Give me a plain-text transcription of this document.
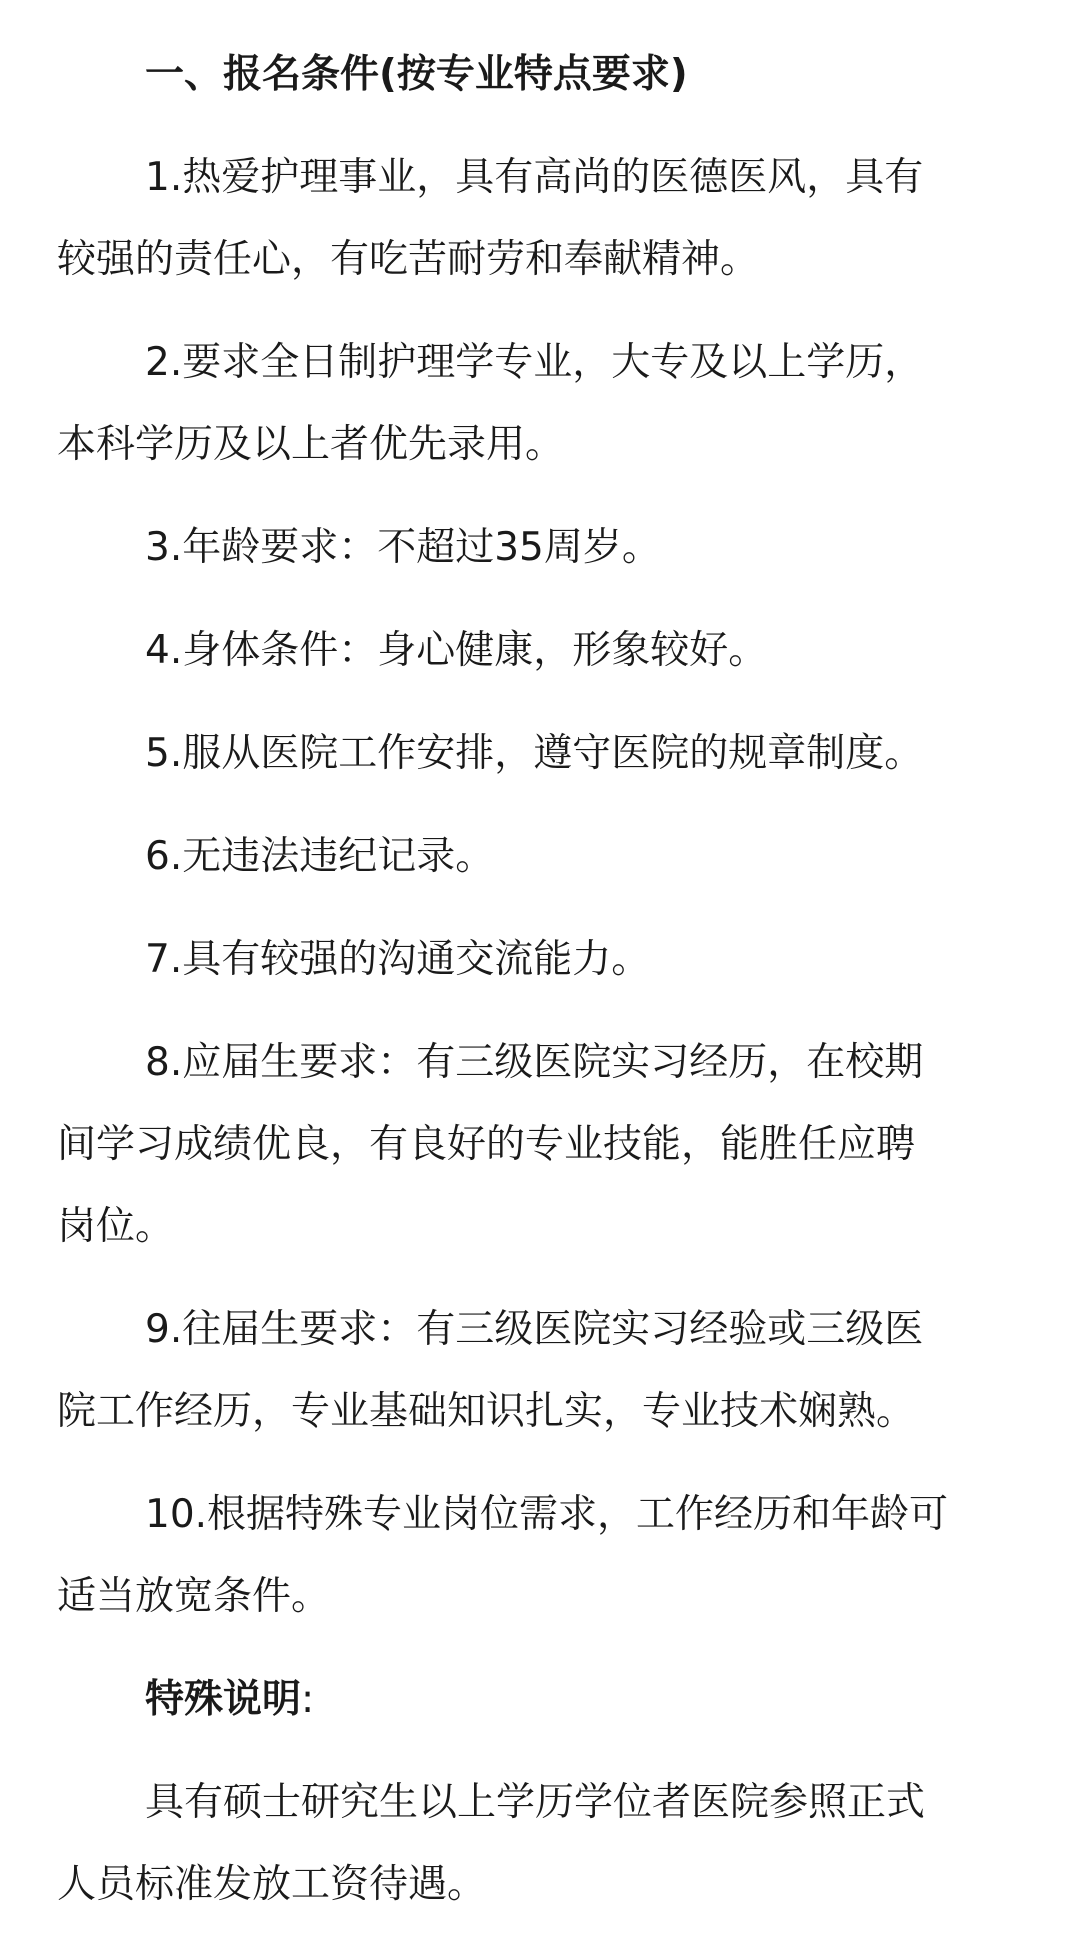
一、报名条件(按专业特点要求)
1.热爱护理事业，具有高尚的医德医风，具有
较强的责任心，有吃苦耐劳和奉献精神。
2.要求全日制护理学专业，大专及以上学历，
本科学历及以上者优先录用。
3.年龄要求：不超过35周岁。
4.身体条件：身心健康，形象较好。
5.服从医院工作安排，遵守医院的规章制度。
6.无违法违纪记录。
7.具有较强的沟通交流能力。
8.应届生要求：有三级医院实习经历，在校期
间学习成绩优良，有良好的专业技能，能胜任应聘
岗位。
9.往届生要求：有三级医院实习经验或三级医
院工作经历，专业基础知识扎实，专业技术娴熟。
10.根据特殊专业岗位需求，工作经历和年龄可
适当放宽条件。
特殊说明:
具有硕士研究生以上学历学位者医院参照正式
人员标准发放工资待遇。
